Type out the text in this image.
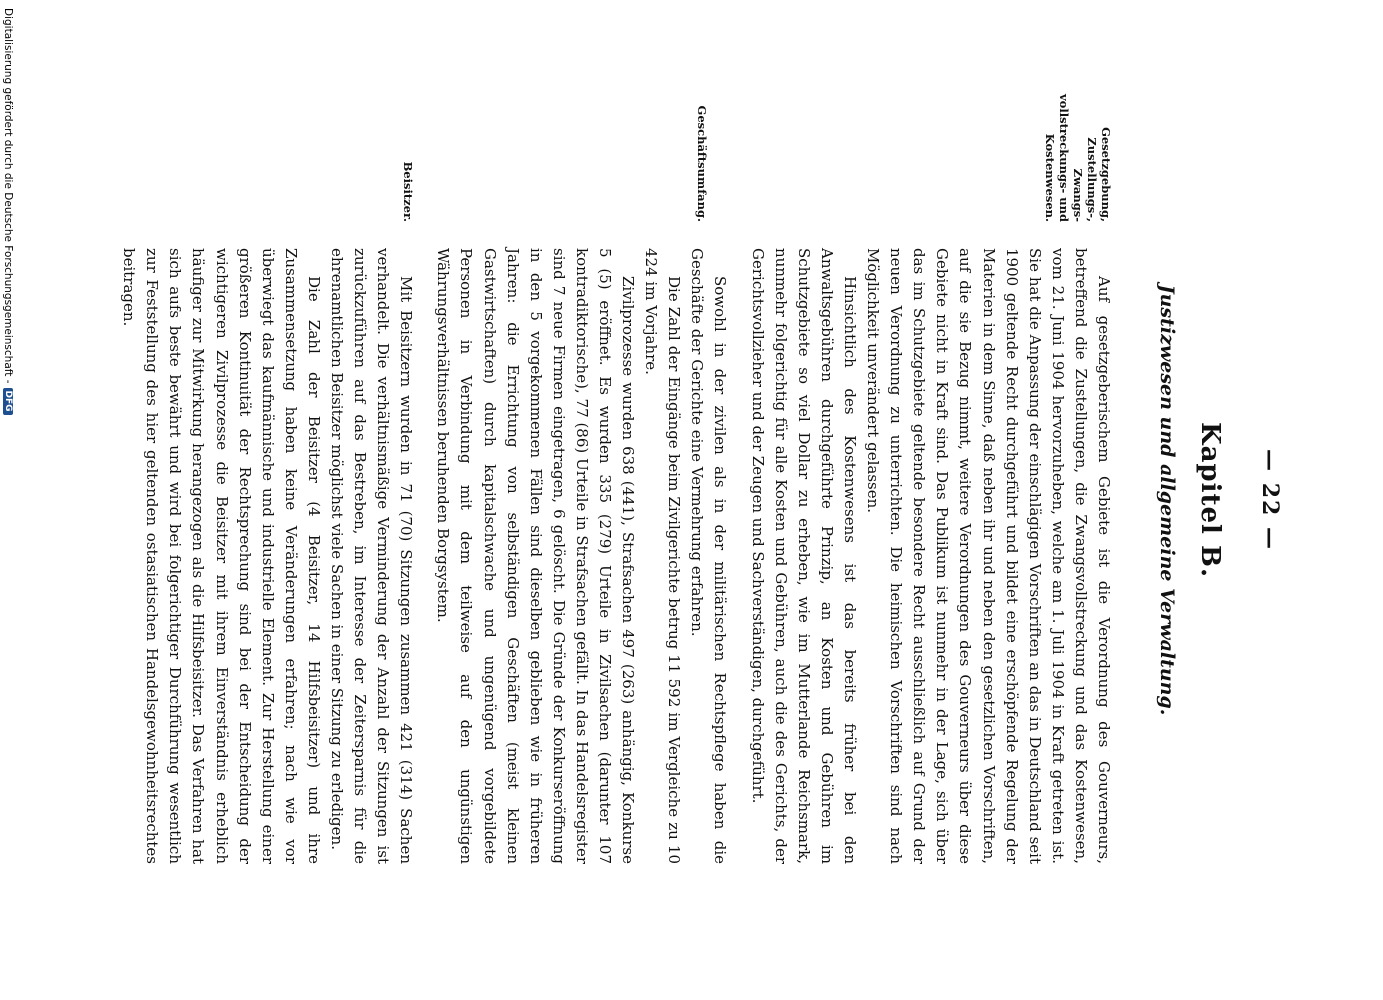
— 22 —
Kapitel B.
Justizwesen und allgemeine Verwaltung.
Gesetzgebung,
Zustellungs-,
Zwangs-
vollstreckungs- und
Kostenwesen.
Geschäftsumfang.
Beisitzer.

Auf gesetzgeberischem Gebiete ist die Verordnung des Gouverneurs, betreffend die Zustellungen, die Zwangsvollstreckung und das Kostenwesen, vom 21. Juni 1904 hervorzuheben, welche am 1. Juli 1904 in Kraft getreten ist. Sie hat die Anpassung der einschlägigen Vorschriften an das in Deutschland seit 1900 geltende Recht durchgeführt und bildet eine erschöpfende Regelung der Materien in dem Sinne, daß neben ihr und neben den gesetzlichen Vorschriften, auf die sie Bezug nimmt, weitere Verordnungen des Gouverneurs über diese Gebiete nicht in Kraft sind. Das Publikum ist nunmehr in der Lage, sich über das im Schutzgebiete geltende besondere Recht ausschließlich auf Grund der neuen Verordnung zu unterrichten. Die heimischen Vorschriften sind nach Möglichkeit unverändert gelassen.

Hinsichtlich des Kostenwesens ist das bereits früher bei den Anwaltsgebühren durchgeführte Prinzip, an Kosten und Gebühren im Schutzgebiete so viel Dollar zu erheben, wie im Mutterlande Reichsmark, nunmehr folgerichtig für alle Kosten und Gebühren, auch die des Gerichts, der Gerichtsvollzieher und der Zeugen und Sachverständigen, durchgeführt.

Sowohl in der zivilen als in der militärischen Rechtspflege haben die Geschäfte der Gerichte eine Vermehrung erfahren.

Die Zahl der Eingänge beim Zivilgerichte betrug 11 592 im Vergleiche zu 10 424 im Vorjahre.

Zivilprozesse wurden 638 (441), Strafsachen 497 (263) anhängig, Konkurse 5 (5) eröffnet. Es wurden 335 (279) Urteile in Zivilsachen (darunter 107 kontradiktorische), 77 (86) Urteile in Strafsachen gefällt. In das Handelsregister sind 7 neue Firmen eingetragen, 6 gelöscht. Die Gründe der Konkurseröffnung in den 5 vorgekommenen Fällen sind dieselben geblieben wie in früheren Jahren: die Errichtung von selbständigen Geschäften (meist kleinen Gastwirtschaften) durch kapitalschwache und ungenügend vorgebildete Personen in Verbindung mit dem teilweise auf den ungünstigen Währungsverhältnissen beruhenden Borgsystem.

Mit Beisitzern wurden in 71 (70) Sitzungen zusammen 421 (314) Sachen verhandelt. Die verhältnismäßige Verminderung der Anzahl der Sitzungen ist zurückzuführen auf das Bestreben, im Interesse der Zeitersparnis für die ehrenamtlichen Beisitzer möglichst viele Sachen in einer Sitzung zu erledigen.

Die Zahl der Beisitzer (4 Beisitzer, 14 Hilfsbeisitzer) und ihre Zusammensetzung haben keine Veränderungen erfahren; nach wie vor überwiegt das kaufmännische und industrielle Element. Zur Herstellung einer größeren Kontinuität der Rechtsprechung sind bei der Entscheidung der wichtigeren Zivilprozesse die Beisitzer mit ihrem Einverständnis erheblich häufiger zur Mitwirkung herangezogen als die Hilfsbeisitzer. Das Verfahren hat sich aufs beste bewährt und wird bei folgerichtiger Durchführung wesentlich zur Feststellung des hier geltenden ostasiatischen Handelsgewohnheitsrechtes beitragen.

Digitalisierung gefördert durch die Deutsche Forschungsgemeinschaft -DFG
